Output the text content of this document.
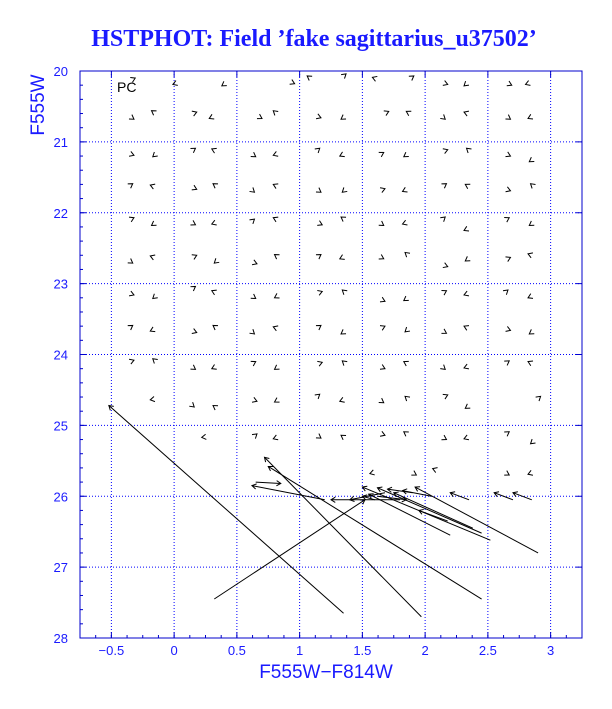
HSTPHOT: Field ’fake sagittarius_u37502’
−0.5	0	0.5	1	1.5	2	2.5	3
20
21
22
23
24
25
26
27
28
PC
F555W−F814W
F555W
